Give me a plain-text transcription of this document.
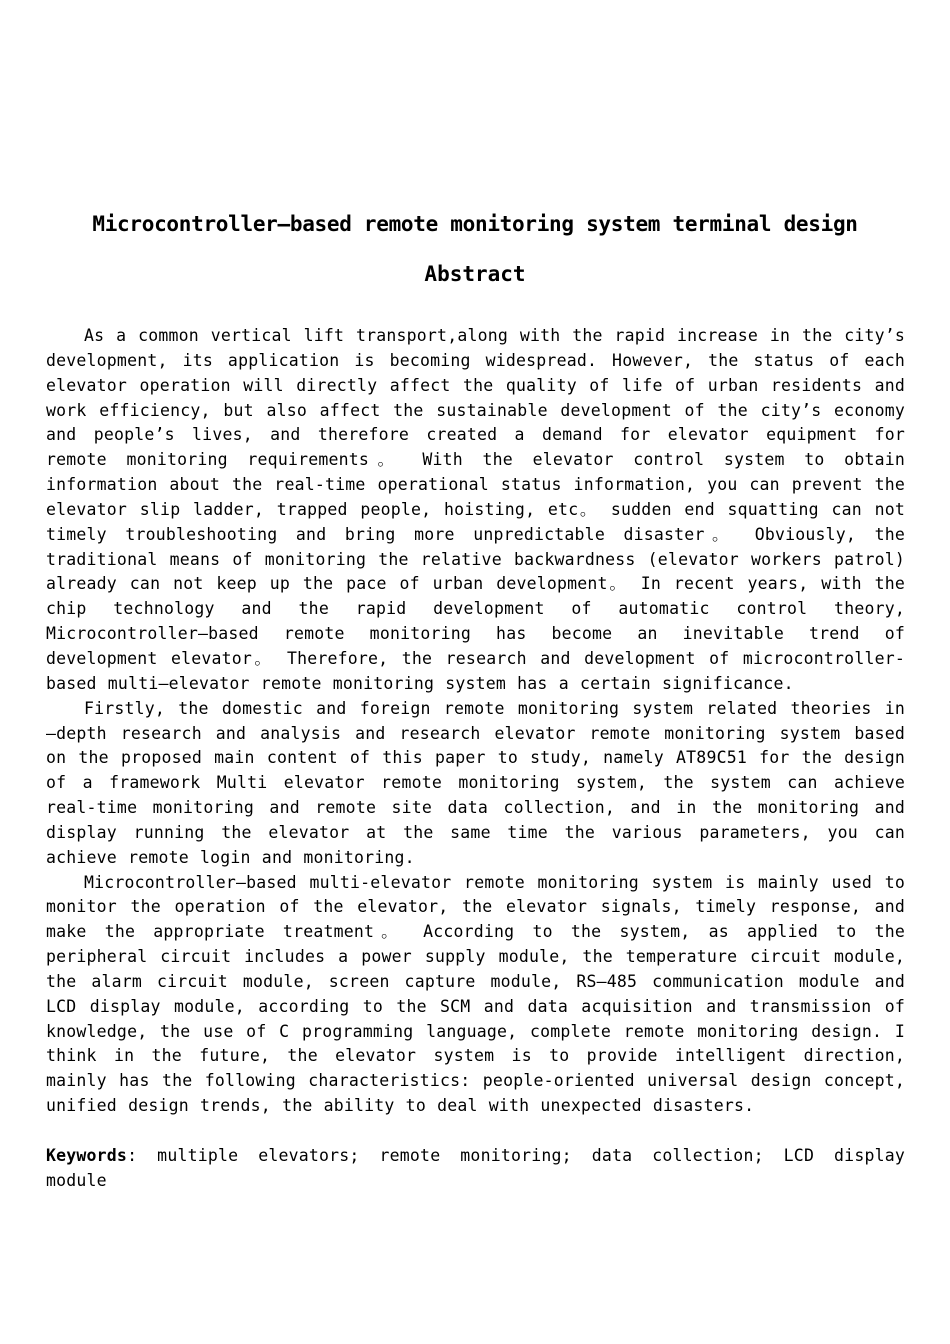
Microcontroller—based remote monitoring system terminal design
Abstract

As a common vertical lift transport,along with the rapid increase in the city’s development, its application is becoming widespread. However, the status of each elevator operation will directly affect the quality of life of urban residents and work efficiency, but also affect the sustainable development of the city’s economy and people’s lives, and therefore created a demand for elevator equipment for remote monitoring requirements。 With the elevator control system to obtain information about the real-time operational status information, you can prevent the elevator slip ladder, trapped people, hoisting, etc。 sudden end squatting can not timely troubleshooting and bring more unpredictable disaster。 Obviously, the traditional means of monitoring the relative backwardness (elevator workers patrol) already can not keep up the pace of urban development。 In recent years, with the chip technology and the rapid development of automatic control theory, Microcontroller—based remote monitoring has become an inevitable trend of development elevator。 Therefore, the research and development of microcontroller-based multi—elevator remote monitoring system has a certain significance.

Firstly, the domestic and foreign remote monitoring system related theories in —depth research and analysis and research elevator remote monitoring system based on the proposed main content of this paper to study, namely AT89C51 for the design of a framework Multi elevator remote monitoring system, the system can achieve real-time monitoring and remote site data collection, and in the monitoring and display running the elevator at the same time the various parameters, you can achieve remote login and monitoring.

Microcontroller—based multi-elevator remote monitoring system is mainly used to monitor the operation of the elevator, the elevator signals, timely response, and make the appropriate treatment。 According to the system, as applied to the peripheral circuit includes a power supply module, the temperature circuit module, the alarm circuit module, screen capture module, RS—485 communication module and LCD display module, according to the SCM and data acquisition and transmission of knowledge, the use of C programming language, complete remote monitoring design. I think in the future, the elevator system is to provide intelligent direction, mainly has the following characteristics: people-oriented universal design concept, unified design trends, the ability to deal with unexpected disasters.

Keywords: multiple elevators; remote monitoring; data collection; LCD display module
